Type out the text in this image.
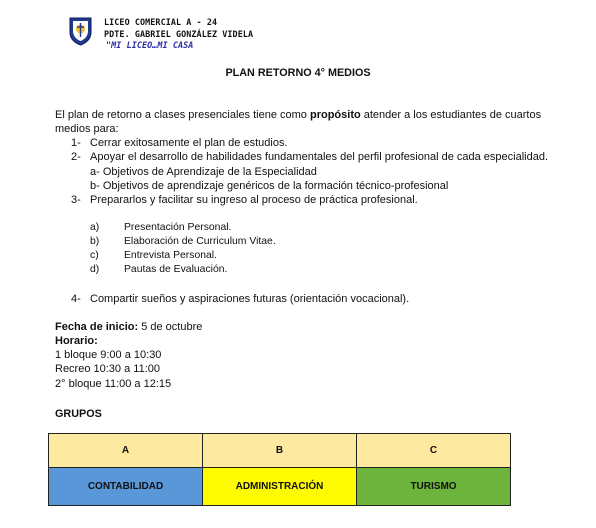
LICEO COMERCIAL A - 24
PDTE. GABRIEL GONZÁLEZ VIDELA
"MI LICEO…MI CASA
PLAN RETORNO 4° MEDIOS
El plan de retorno a clases presenciales tiene como propósito atender a los estudiantes de cuartos medios para:
1- Cerrar exitosamente el plan de estudios.
2- Apoyar el desarrollo de habilidades fundamentales del perfil profesional de cada especialidad.
a- Objetivos de Aprendizaje de la Especialidad
b- Objetivos de aprendizaje genéricos de la formación técnico-profesional
3- Prepararlos y facilitar su ingreso al proceso de práctica profesional.
a) Presentación Personal.
b) Elaboración de Curriculum Vitae.
c) Entrevista Personal.
d) Pautas de Evaluación.
4- Compartir sueños y aspiraciones futuras (orientación vocacional).
Fecha de inicio: 5 de octubre
Horario:
1 bloque 9:00 a 10:30
Recreo 10:30 a 11:00
2° bloque 11:00 a 12:15
GRUPOS
A	B	C
CONTABILIDAD	ADMINISTRACIÓN	TURISMO
